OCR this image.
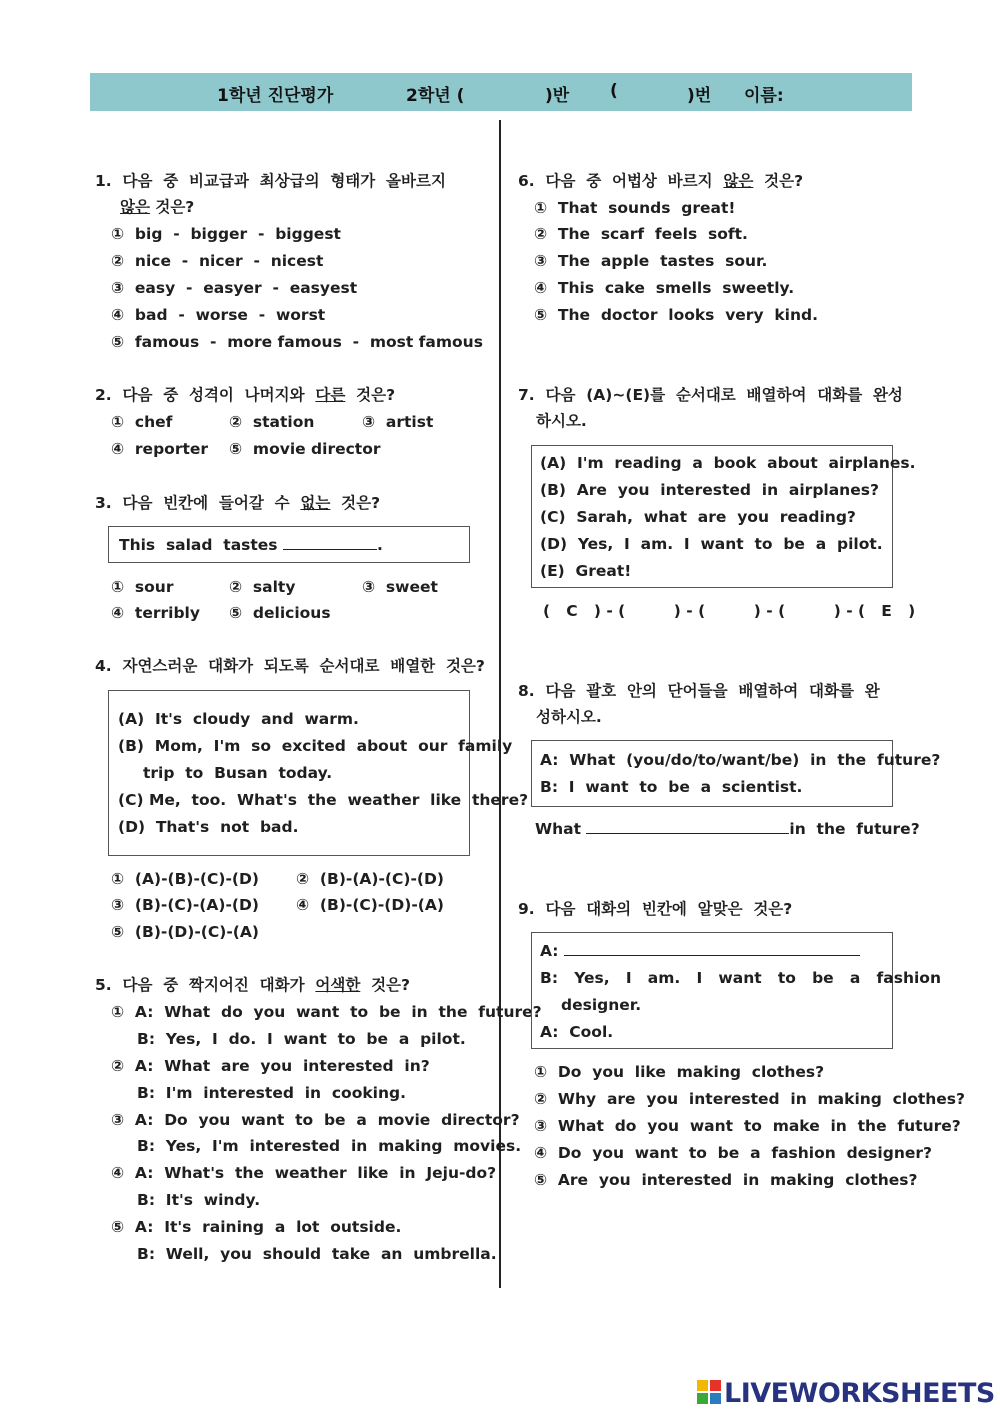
1학년 진단평가	2학년 (	)반 (	)번 이름:
1.  다음  중  비교급과  최상급의  형태가  올바르지
않은 것은?
①  big  -  bigger  -  biggest
②  nice  -  nicer  -  nicest
③  easy  -  easyer  -  easyest
④  bad  -  worse  -  worst
⑤  famous  -  more famous  -  most famous
2.  다음  중  성격이  나머지와  다른  것은?
①  chef	②  station	③  artist
④  reporter ⑤  movie director
3.  다음  빈칸에  들어갈  수  없는  것은?
This  salad  tastes	.
①  sour	②  salty	③  sweet
④  terribly ⑤  delicious
4.  자연스러운  대화가  되도록  순서대로  배열한  것은?
(A)  It's  cloudy  and  warm.
(B)  Mom,  I'm  so  excited  about  our  family
trip  to  Busan  today.
(C) Me,  too.  What's  the  weather  like  there?
(D)  That's  not  bad.
①  (A)-(B)-(C)-(D) ②  (B)-(A)-(C)-(D)
③  (B)-(C)-(A)-(D) ④  (B)-(C)-(D)-(A)
⑤  (B)-(D)-(C)-(A)
5.  다음  중  짝지어진  대화가  어색한  것은?
①  A:  What  do  you  want  to  be  in  the  future?
B:  Yes,  I  do.  I  want  to  be  a  pilot.
②  A:  What  are  you  interested  in?
B:  I'm  interested  in  cooking.
③  A:  Do  you  want  to  be  a  movie  director?
B:  Yes,  I'm  interested  in  making  movies.
④  A:  What's  the  weather  like  in  Jeju-do?
B:  It's  windy.
⑤  A:  It's  raining  a  lot  outside.
B:  Well,  you  should  take  an  umbrella.
6.  다음  중  어법상  바르지  않은  것은?
①  That  sounds  great!
②  The  scarf  feels  soft.
③  The  apple  tastes  sour.
④  This  cake  smells  sweetly.
⑤  The  doctor  looks  very  kind.
7.  다음  (A)~(E)를  순서대로  배열하여  대화를  완성
하시오.
(A)  I'm  reading  a  book  about  airplanes.
(B)  Are  you  interested  in  airplanes?
(C)  Sarah,  what  are  you  reading?
(D)  Yes,  I  am.  I  want  to  be  a  pilot.
(E)  Great!
(   C   ) - (         ) - (         ) - (         ) - (   E   )
8.  다음  괄호  안의  단어들을  배열하여  대화를  완
성하시오.
A:  What  (you/do/to/want/be)  in  the  future?
B:  I  want  to  be  a  scientist.
What	in  the  future?
9.  다음  대화의  빈칸에  알맞은  것은?
A:
B:   Yes,   I   am.   I   want   to   be   a   fashion
designer.
A:  Cool.
①  Do  you  like  making  clothes?
②  Why  are  you  interested  in  making  clothes?
③  What  do  you  want  to  make  in  the  future?
④  Do  you  want  to  be  a  fashion  designer?
⑤  Are  you  interested  in  making  clothes?
LIVEWORKSHEETS
